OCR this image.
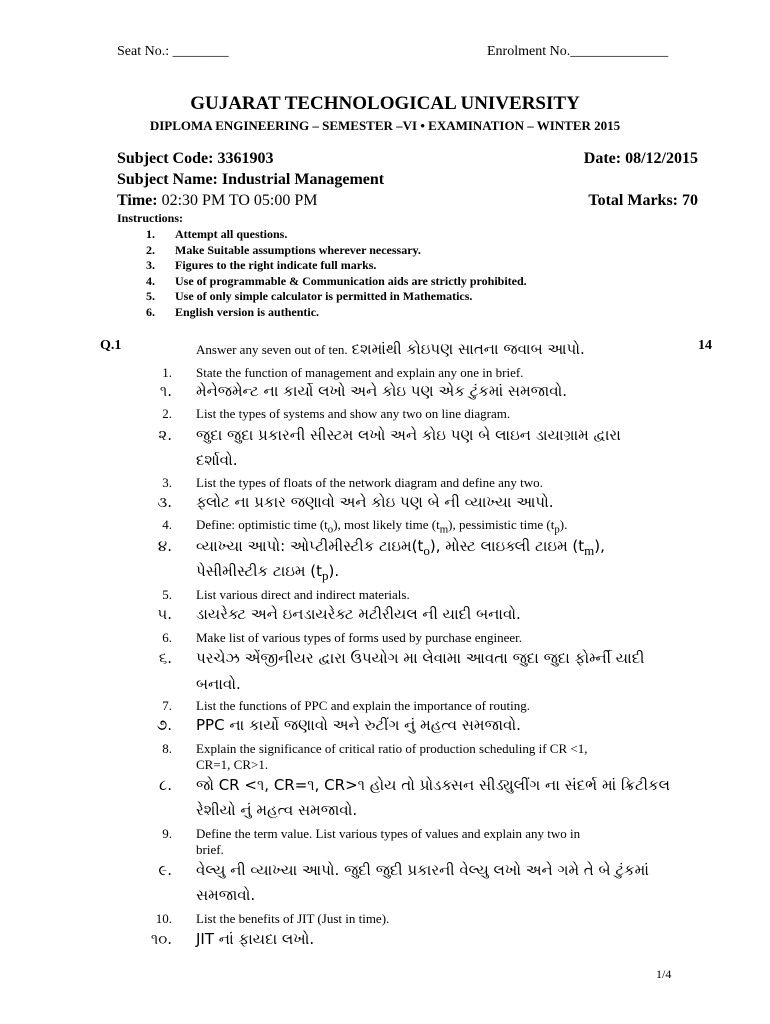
Seat No.: ________	Enrolment No.______________
GUJARAT TECHNOLOGICAL UNIVERSITY
DIPLOMA ENGINEERING – SEMESTER –VI • EXAMINATION – WINTER 2015
Subject Code: 3361903	Date: 08/12/2015
Subject Name: Industrial Management
Time: 02:30 PM TO 05:00 PM	Total Marks: 70
Instructions:
1. Attempt all questions.
2. Make Suitable assumptions wherever necessary.
3. Figures to the right indicate full marks.
4. Use of programmable & Communication aids are strictly prohibited.
5. Use of only simple calculator is permitted in Mathematics.
6. English version is authentic.
Q.1	14
Answer any seven out of ten. દશમાંથી કોઇપણ સાતના જવાબ આપો.
1. State the function of management and explain any one in brief.
૧. મેનેજમેન્ટ ના કાર્યો લખો અને કોઇ પણ એક ટુંકમાં સમજાવો.
2. List the types of systems and show any two on line diagram.
૨. જુદા જુદા પ્રકારની સીસ્ટમ લખો અને કોઇ પણ બે લાઇન ડાયાગ્રામ દ્વારા
દર્શાવો.
3. List the types of floats of the network diagram and define any two.
૩. ફ્લોટ ના પ્રકાર જણાવો અને કોઇ પણ બે ની વ્યાખ્યા આપો.
4. Define: optimistic time $(t_o)$, most likely time $(t_m)$, pessimistic time $(t_p)$.
૪. વ્યાખ્યા આપો: ઓપ્ટીમીસ્ટીક $ટાઇમ(t_o)$, મોસ્ટ લાઇક્લી ટાઇમ $(t_m)$,
પેસીમીસ્ટીક ટાઇમ $(t_p)$.
5. List various direct and indirect materials.
૫. ડાયરેક્ટ અને ઇનડાયરેક્ટ મટીરીયલ ની યાદી બનાવો.
6. Make list of various types of forms used by purchase engineer.
૬. પરચેઝ એંજીનીયર દ્વારા ઉપયોગ મા લેવામા આવતા જુદા જુદા ફોર્મ્ની યાદી
બનાવો.
7. List the functions of PPC and explain the importance of routing.
૭. PPC ના કાર્યો જણાવો અને રુટીંગ નું મહત્વ સમજાવો.
8. Explain the significance of critical ratio of production scheduling if CR <1,
CR=1, CR>1.
૮. જો CR <૧, CR=૧, CR>૧ હોય તો પ્રોડક્સન સીડ્યુલીંગ ના સંદર્ભ માં ક્રિટીકલ
રેશીયો નું મહત્વ સમજાવો.
9. Define the term value. List various types of values and explain any two in
brief.
૯. વેલ્યુ ની વ્યાખ્યા આપો. જુદી જુદી પ્રકારની વેલ્યુ લખો અને ગમે તે બે ટુંકમાં
સમજાવો.
10. List the benefits of JIT (Just in time).
૧૦. JIT નાં ફાયદા લખો.
1/4
